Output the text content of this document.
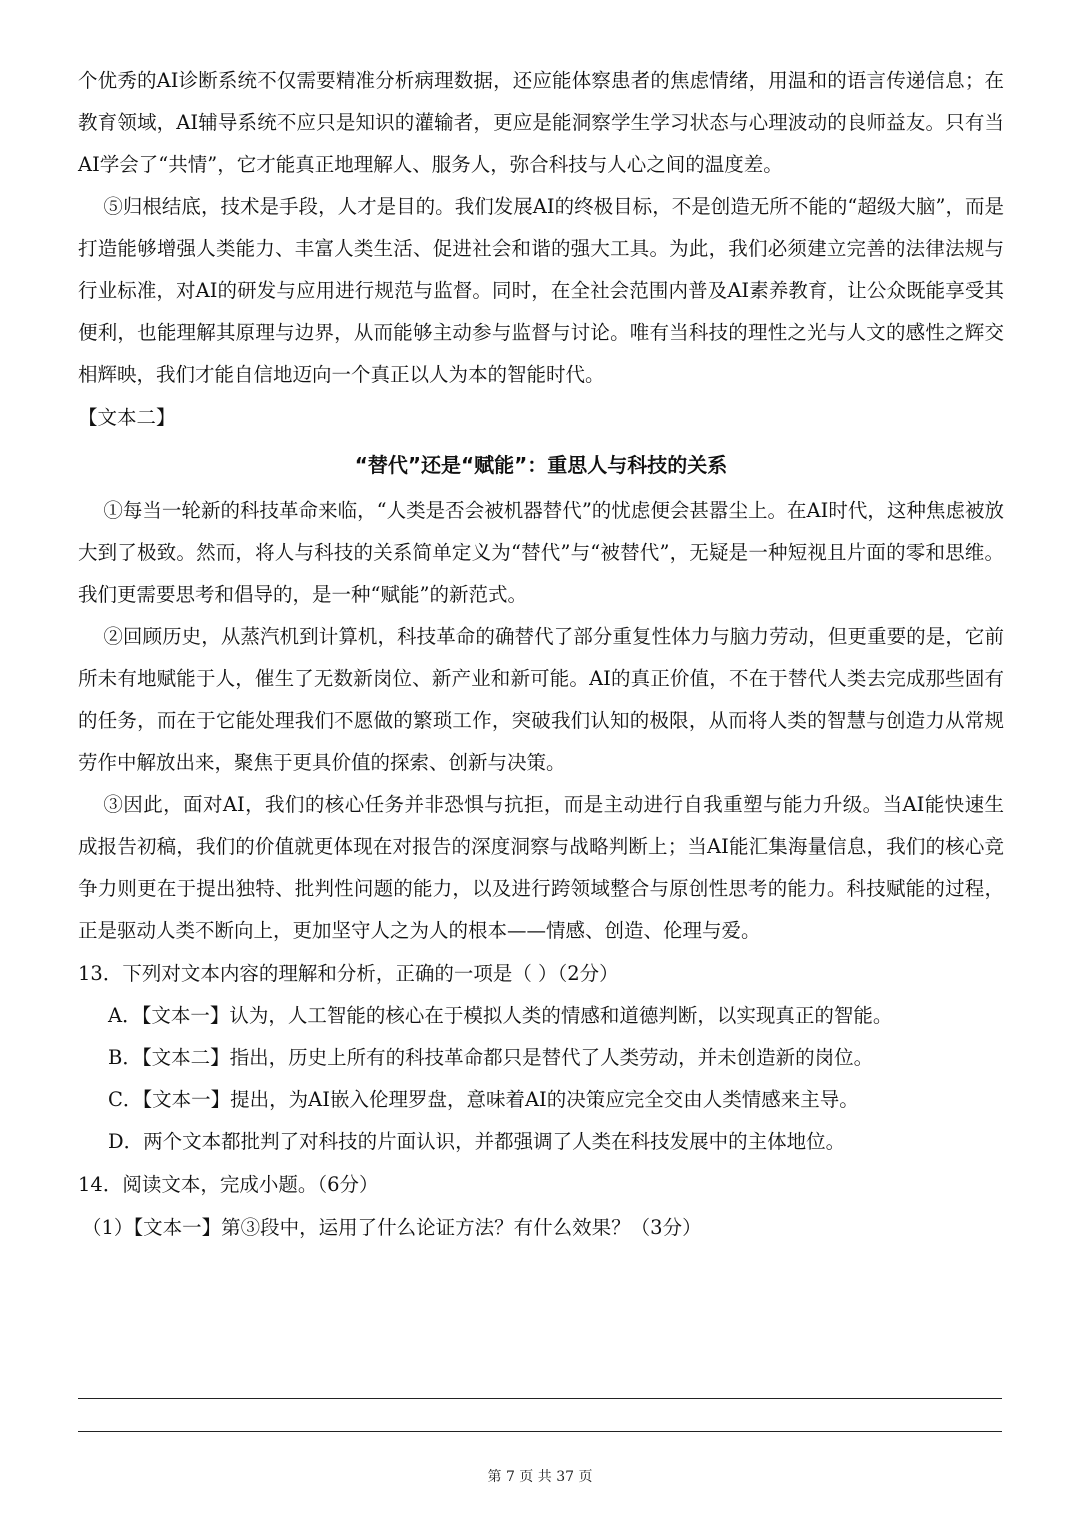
个优秀的AI诊断系统不仅需要精准分析病理数据，还应能体察患者的焦虑情绪，用温和的语言传递信息；在教育领域，AI辅导系统不应只是知识的灌输者，更应是能洞察学生学习状态与心理波动的良师益友。只有当AI学会了“共情”，它才能真正地理解人、服务人，弥合科技与人心之间的温度差。

⑤归根结底，技术是手段，人才是目的。我们发展AI的终极目标，不是创造无所不能的“超级大脑”，而是打造能够增强人类能力、丰富人类生活、促进社会和谐的强大工具。为此，我们必须建立完善的法律法规与行业标准，对AI的研发与应用进行规范与监督。同时，在全社会范围内普及AI素养教育，让公众既能享受其便利，也能理解其原理与边界，从而能够主动参与监督与讨论。唯有当科技的理性之光与人文的感性之辉交相辉映，我们才能自信地迈向一个真正以人为本的智能时代。

【文本二】

“替代”还是“赋能”：重思人与科技的关系

①每当一轮新的科技革命来临，“人类是否会被机器替代”的忧虑便会甚嚣尘上。在AI时代，这种焦虑被放大到了极致。然而，将人与科技的关系简单定义为“替代”与“被替代”，无疑是一种短视且片面的零和思维。我们更需要思考和倡导的，是一种“赋能”的新范式。

②回顾历史，从蒸汽机到计算机，科技革命的确替代了部分重复性体力与脑力劳动，但更重要的是，它前所未有地赋能于人，催生了无数新岗位、新产业和新可能。AI的真正价值，不在于替代人类去完成那些固有的任务，而在于它能处理我们不愿做的繁琐工作，突破我们认知的极限，从而将人类的智慧与创造力从常规劳作中解放出来，聚焦于更具价值的探索、创新与决策。

③因此，面对AI，我们的核心任务并非恐惧与抗拒，而是主动进行自我重塑与能力升级。当AI能快速生成报告初稿，我们的价值就更体现在对报告的深度洞察与战略判断上；当AI能汇集海量信息，我们的核心竞争力则更在于提出独特、批判性问题的能力，以及进行跨领域整合与原创性思考的能力。科技赋能的过程，正是驱动人类不断向上，更加坚守人之为人的根本——情感、创造、伦理与爱。

13．下列对文本内容的理解和分析，正确的一项是（ ）（2分）

A．【文本一】认为，人工智能的核心在于模拟人类的情感和道德判断，以实现真正的智能。

B．【文本二】指出，历史上所有的科技革命都只是替代了人类劳动，并未创造新的岗位。

C．【文本一】提出，为AI嵌入伦理罗盘，意味着AI的决策应完全交由人类情感来主导。

D．两个文本都批判了对科技的片面认识，并都强调了人类在科技发展中的主体地位。

14．阅读文本，完成小题。（6分）

（1）【文本一】第③段中，运用了什么论证方法？有什么效果？（3分）

第 7 页 共 37 页
